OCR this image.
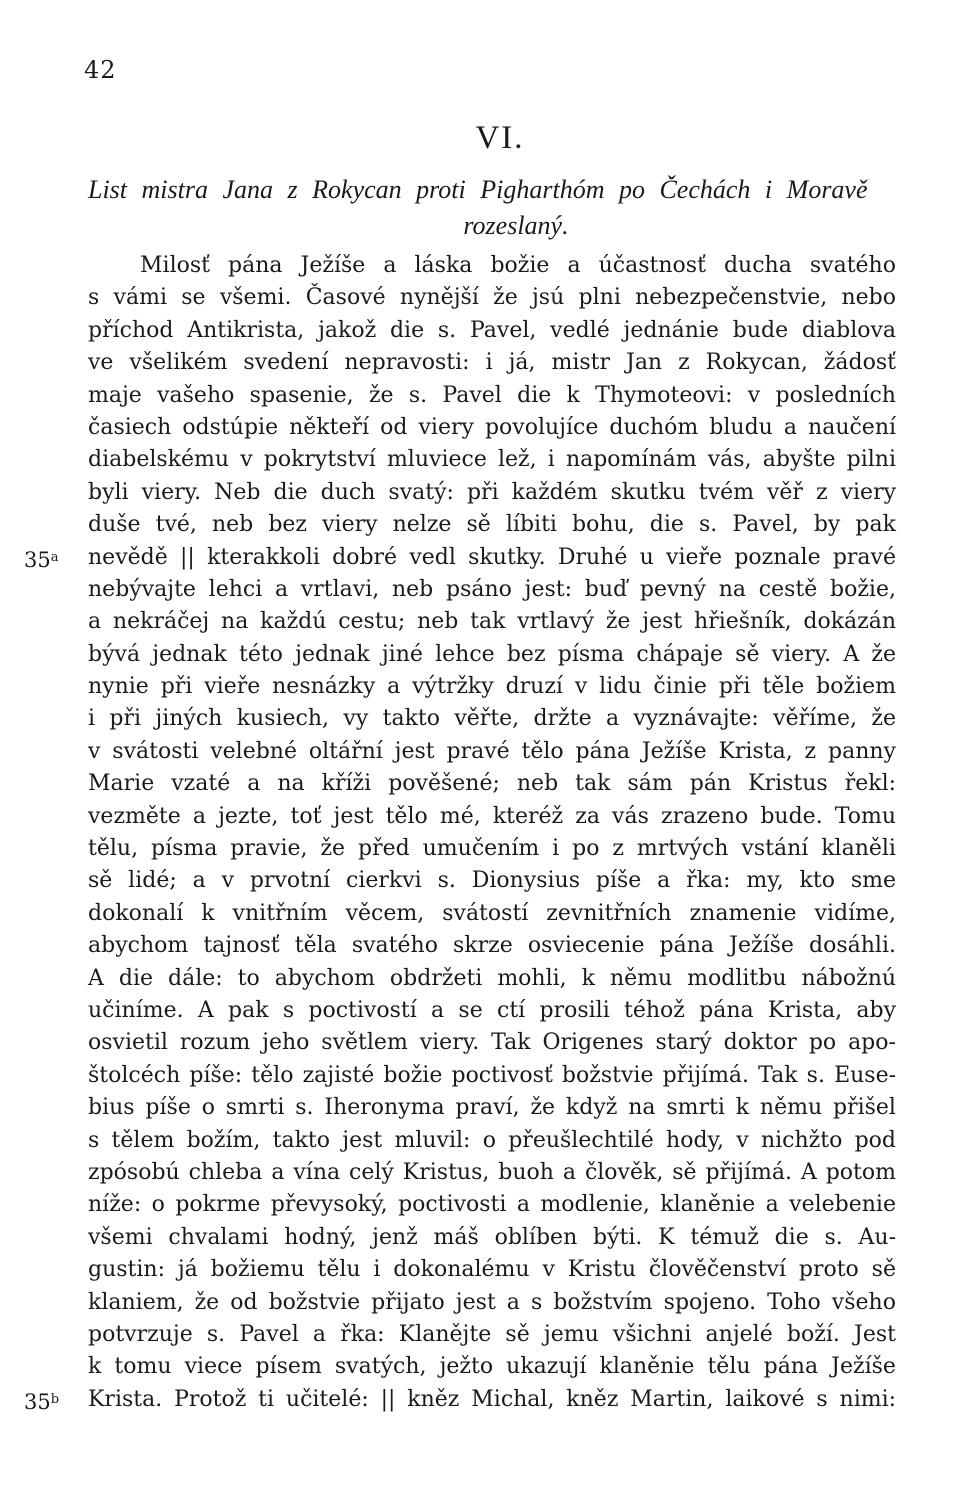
42
VI.
List mistra Jana z Rokycan proti Pigharthóm po Čechách i Moravě
rozeslaný.
Milosť pána Ježíše a láska božie a účastnosť ducha svatého
s vámi se všemi. Časové nynější že jsú plni nebezpečenstvie, nebo
příchod Antikrista, jakož die s. Pavel, vedlé jednánie bude diablova
ve všelikém svedení nepravosti: i já, mistr Jan z Rokycan, žádosť
maje vašeho spasenie, že s. Pavel die k Thymoteovi: v posledních
časiech odstúpie někteří od viery povolujíce duchóm bludu a naučení
diabelskému v pokrytství mluviece lež, i napomínám vás, abyšte pilni
byli viery. Neb die duch svatý: při každém skutku tvém věř z viery
duše tvé, neb bez viery nelze sě líbiti bohu, die s. Pavel, by pak
35$^a$ nevědě || kterakkoli dobré vedl skutky. Druhé u vieře poznale pravé
nebývajte lehci a vrtlavi, neb psáno jest: buď pevný na cestě božie,
a nekráčej na každú cestu; neb tak vrtlavý že jest hřiešník, dokázán
bývá jednak této jednak jiné lehce bez písma chápaje sě viery. A že
nynie při vieře nesnázky a výtržky druzí v lidu činie při těle božiem
i při jiných kusiech, vy takto věřte, držte a vyznávajte: věříme, že
v svátosti velebné oltářní jest pravé tělo pána Ježíše Krista, z panny
Marie vzaté a na kříži pověšené; neb tak sám pán Kristus řekl:
vezměte a jezte, toť jest tělo mé, kteréž za vás zrazeno bude. Tomu
tělu, písma pravie, že před umučením i po z mrtvých vstání klaněli
sě lidé; a v prvotní cierkvi s. Dionysius píše a řka: my, kto sme
dokonalí k vnitřním věcem, svátostí zevnitřních znamenie vidíme,
abychom tajnosť těla svatého skrze osviecenie pána Ježíše dosáhli.
A die dále: to abychom obdržeti mohli, k němu modlitbu nábožnú
učiníme. A pak s poctivostí a se ctí prosili téhož pána Krista, aby
osvietil rozum jeho světlem viery. Tak Origenes starý doktor po apo-
štolcéch píše: tělo zajisté božie poctivosť božstvie přijímá. Tak s. Euse-
bius píše o smrti s. Iheronyma praví, že když na smrti k němu přišel
s tělem božím, takto jest mluvil: o přeušlechtilé hody, v nichžto pod
zpósobú chleba a vína celý Kristus, buoh a člověk, sě přijímá. A potom
níže: o pokrme převysoký, poctivosti a modlenie, klaněnie a velebenie
všemi chvalami hodný, jenž máš oblíben býti. K témuž die s. Au-
gustin: já božiemu tělu i dokonalému v Kristu člověčenství proto sě
klaniem, že od božstvie přijato jest a s božstvím spojeno. Toho všeho
potvrzuje s. Pavel a řka: Klanějte sě jemu všichni anjelé boží. Jest
k tomu viece písem svatých, ježto ukazují klaněnie tělu pána Ježíše
35$^b$ Krista. Protož ti učitelé: || kněz Michal, kněz Martin, laikové s nimi:
